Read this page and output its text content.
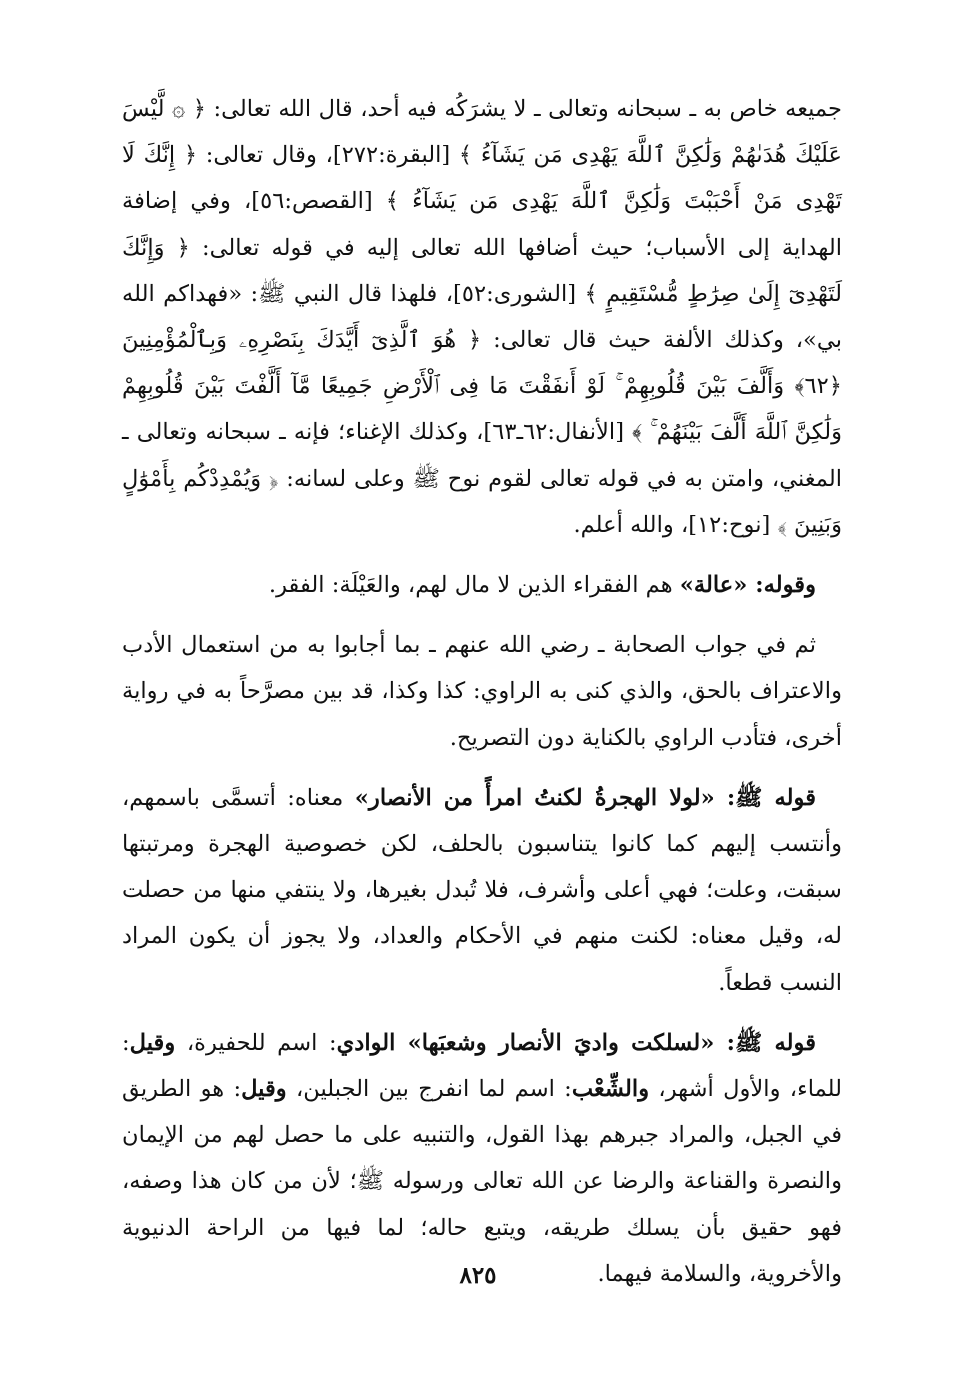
جميعه خاص به ـ سبحانه وتعالى ـ لا يشرَكُه فيه أحد، قال الله تعالى: ﴿ ۞ لَّيْسَ عَلَيْكَ هُدَىٰهُمْ وَلَٰكِنَّ ٱللَّهَ يَهْدِى مَن يَشَآءُ ﴾ [البقرة:٢٧٢]، وقال تعالى: ﴿ إِنَّكَ لَا تَهْدِى مَنْ أَحْبَبْتَ وَلَٰكِنَّ ٱللَّهَ يَهْدِى مَن يَشَآءُ ﴾ [القصص:٥٦]، وفي إضافة الهداية إلى الأسباب؛ حيث أضافها الله تعالى إليه في قوله تعالى: ﴿ وَإِنَّكَ لَتَهْدِىٓ إِلَىٰ صِرَٰطٍ مُّسْتَقِيمٍ ﴾ [الشورى:٥٢]، فلهذا قال النبي ﷺ: «فهداكم الله بي»، وكذلك الألفة حيث قال تعالى: ﴿ هُوَ ٱلَّذِىٓ أَيَّدَكَ بِنَصْرِهِۦ وَبِٱلْمُؤْمِنِينَ ﴿٦٢﴾ وَأَلَّفَ بَيْنَ قُلُوبِهِمْ ۚ لَوْ أَنفَقْتَ مَا فِى ٱلْأَرْضِ جَمِيعًا مَّآ أَلَّفْتَ بَيْنَ قُلُوبِهِمْ وَلَٰكِنَّ ٱللَّهَ أَلَّفَ بَيْنَهُمْ ۚ ﴾ [الأنفال:٦٢ـ٦٣]، وكذلك الإغناء؛ فإنه ـ سبحانه وتعالى ـ المغني، وامتن به في قوله تعالى لقوم نوح ﷺ وعلى لسانه: ﴿ وَيُمْدِدْكُم بِأَمْوَٰلٍ وَبَنِينَ ﴾ [نوح:١٢]، والله أعلم.

وقوله: «عالة» هم الفقراء الذين لا مال لهم، والعَيْلَة: الفقر.

ثم في جواب الصحابة ـ رضي الله عنهم ـ بما أجابوا به من استعمال الأدب والاعتراف بالحق، والذي كنى به الراوي: كذا وكذا، قد بين مصرَّحاً به في رواية أخرى، فتأدب الراوي بالكناية دون التصريح.

قوله ﷺ: «لولا الهجرةُ لكنتُ امرأً من الأنصار» معناه: أتسمَّى باسمهم، وأنتسب إليهم كما كانوا يتناسبون بالحلف، لكن خصوصية الهجرة ومرتبتها سبقت، وعلت؛ فهي أعلى وأشرف، فلا تُبدل بغيرها، ولا ينتفي منها من حصلت له، وقيل معناه: لكنت منهم في الأحكام والعداد، ولا يجوز أن يكون المراد النسب قطعاً.

قوله ﷺ: «لسلكت واديَ الأنصار وشعبَها» الوادي: اسم للحفيرة، وقيل: للماء، والأول أشهر، والشِّعْب: اسم لما انفرج بين الجبلين، وقيل: هو الطريق في الجبل، والمراد جبرهم بهذا القول، والتنبيه على ما حصل لهم من الإيمان والنصرة والقناعة والرضا عن الله تعالى ورسوله ﷺ؛ لأن من كان هذا وصفه، فهو حقيق بأن يسلك طريقه، ويتبع حاله؛ لما فيها من الراحة الدنيوية والأخروية، والسلامة فيهما.

٨٢٥
